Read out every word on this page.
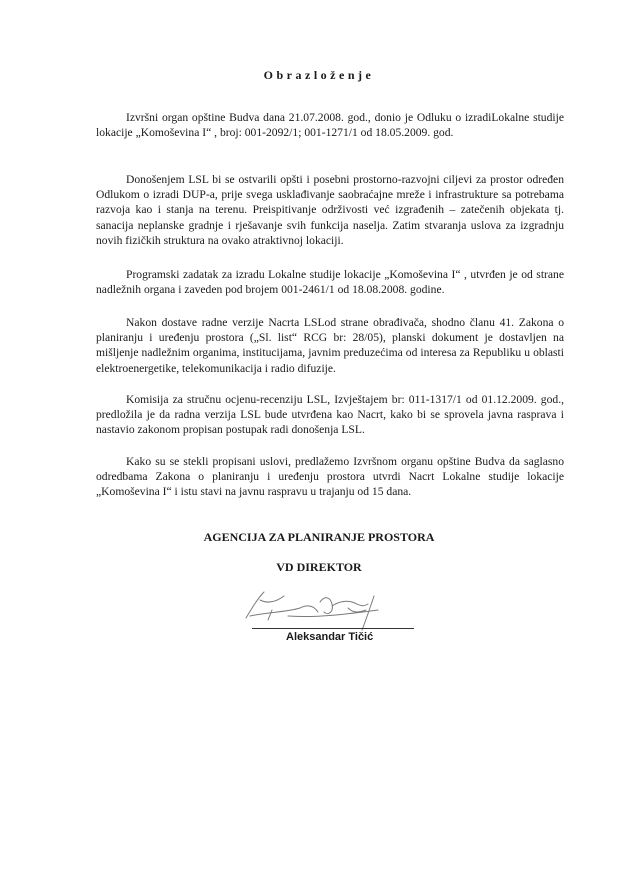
Obrazloženje

Izvršni organ opštine Budva dana 21.07.2008. god., donio je Odluku o izradiLokalne studije lokacije „Komoševina I“ , broj: 001-2092/1; 001-1271/1 od 18.05.2009. god.

Donošenjem LSL bi se ostvarili opšti i posebni prostorno-razvojni ciljevi za prostor određen Odlukom o izradi DUP-a, prije svega usklađivanje saobraćajne mreže i infrastrukture sa potrebama razvoja kao i stanja na terenu. Preispitivanje održivosti već izgrađenih – zatečenih objekata tj. sanacija neplanske gradnje i rješavanje svih funkcija naselja. Zatim stvaranja uslova za izgradnju novih fizičkih struktura na ovako atraktivnoj lokaciji.

Programski zadatak za izradu Lokalne studije lokacije „Komoševina I“ , utvrđen je od strane nadležnih organa i zaveden pod brojem 001-2461/1 od 18.08.2008. godine.

Nakon dostave radne verzije Nacrta LSLod strane obrađivača, shodno članu 41. Zakona o planiranju i uređenju prostora („Sl. list“ RCG br: 28/05), planski dokument je dostavljen na mišljenje nadležnim organima, institucijama, javnim preduzećima od interesa za Republiku u oblasti elektroenergetike, telekomunikacija i radio difuzije.

Komisija za stručnu ocjenu-recenziju LSL, Izvještajem br: 011-1317/1 od 01.12.2009. god., predložila je da radna verzija LSL bude utvrđena kao Nacrt, kako bi se sprovela javna rasprava i nastavio zakonom propisan postupak radi donošenja LSL.

Kako su se stekli propisani uslovi, predlažemo Izvršnom organu opštine Budva da saglasno odredbama Zakona o planiranju i uređenju prostora utvrdi Nacrt Lokalne studije lokacije „Komoševina I“ i istu stavi na javnu raspravu u trajanju od 15 dana.

AGENCIJA ZA PLANIRANJE PROSTORA
VD DIREKTOR
Aleksandar Tičić
